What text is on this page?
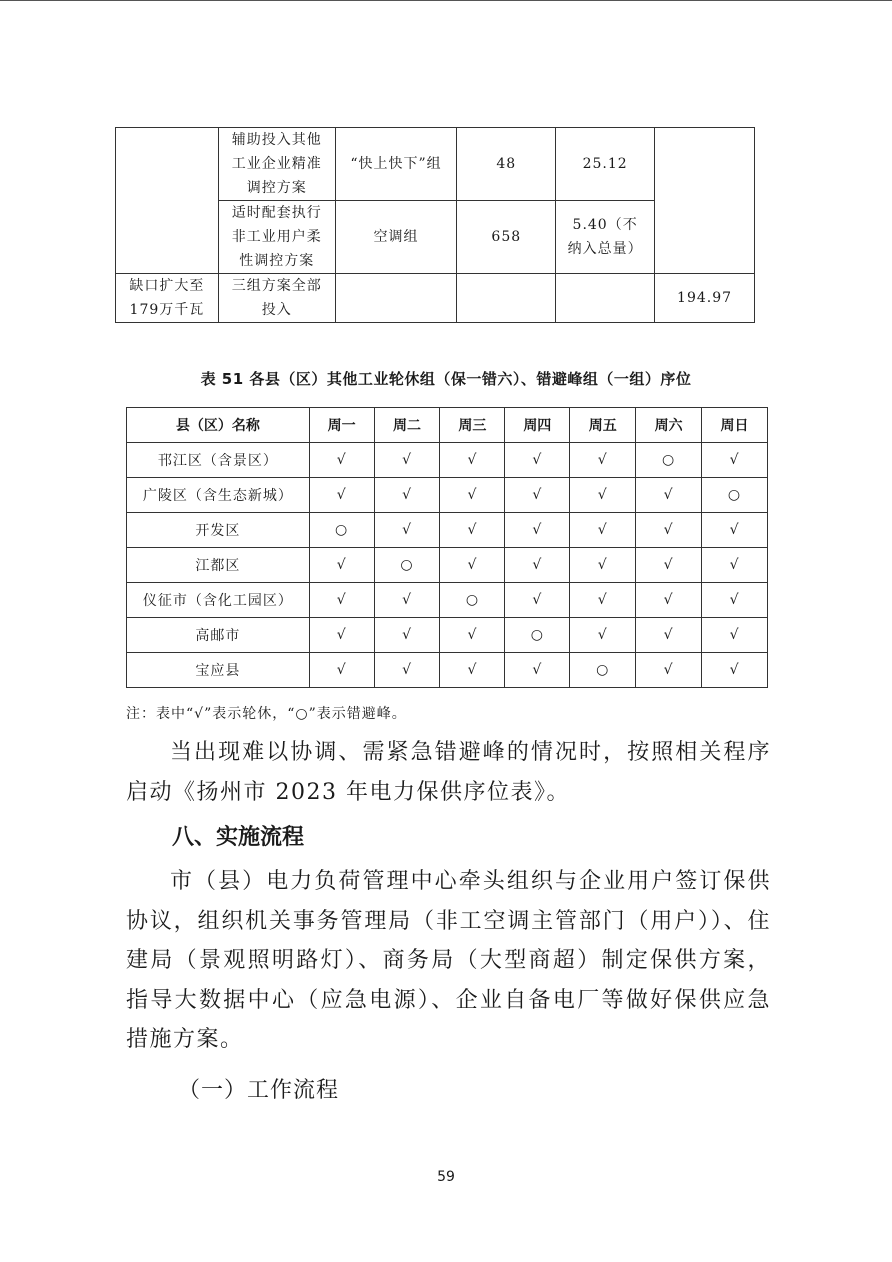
	辅助投入其他工业企业精准调控方案	“快上快下”组	48	25.12	
	适时配套执行非工业用户柔性调控方案	空调组	658	5.40（不纳入总量）	
缺口扩大至179万千瓦	三组方案全部投入				194.97
表 51 各县（区）其他工业轮休组（保一错六）、错避峰组（一组）序位
县（区）名称	周一	周二	周三	周四	周五	周六	周日
邗江区（含景区）	√	√	√	√	√	○	√
广陵区（含生态新城）	√	√	√	√	√	√	○
开发区	○	√	√	√	√	√	√
江都区	√	○	√	√	√	√	√
仪征市（含化工园区）	√	√	○	√	√	√	√
高邮市	√	√	√	○	√	√	√
宝应县	√	√	√	√	○	√	√
注：表中“√”表示轮休，“○”表示错避峰。

当出现难以协调、需紧急错避峰的情况时，按照相关程序启动《扬州市 2023 年电力保供序位表》。

八、实施流程

市（县）电力负荷管理中心牵头组织与企业用户签订保供协议，组织机关事务管理局（非工空调主管部门（用户））、住建局（景观照明路灯）、商务局（大型商超）制定保供方案，指导大数据中心（应急电源）、企业自备电厂等做好保供应急措施方案。

（一）工作流程
59
